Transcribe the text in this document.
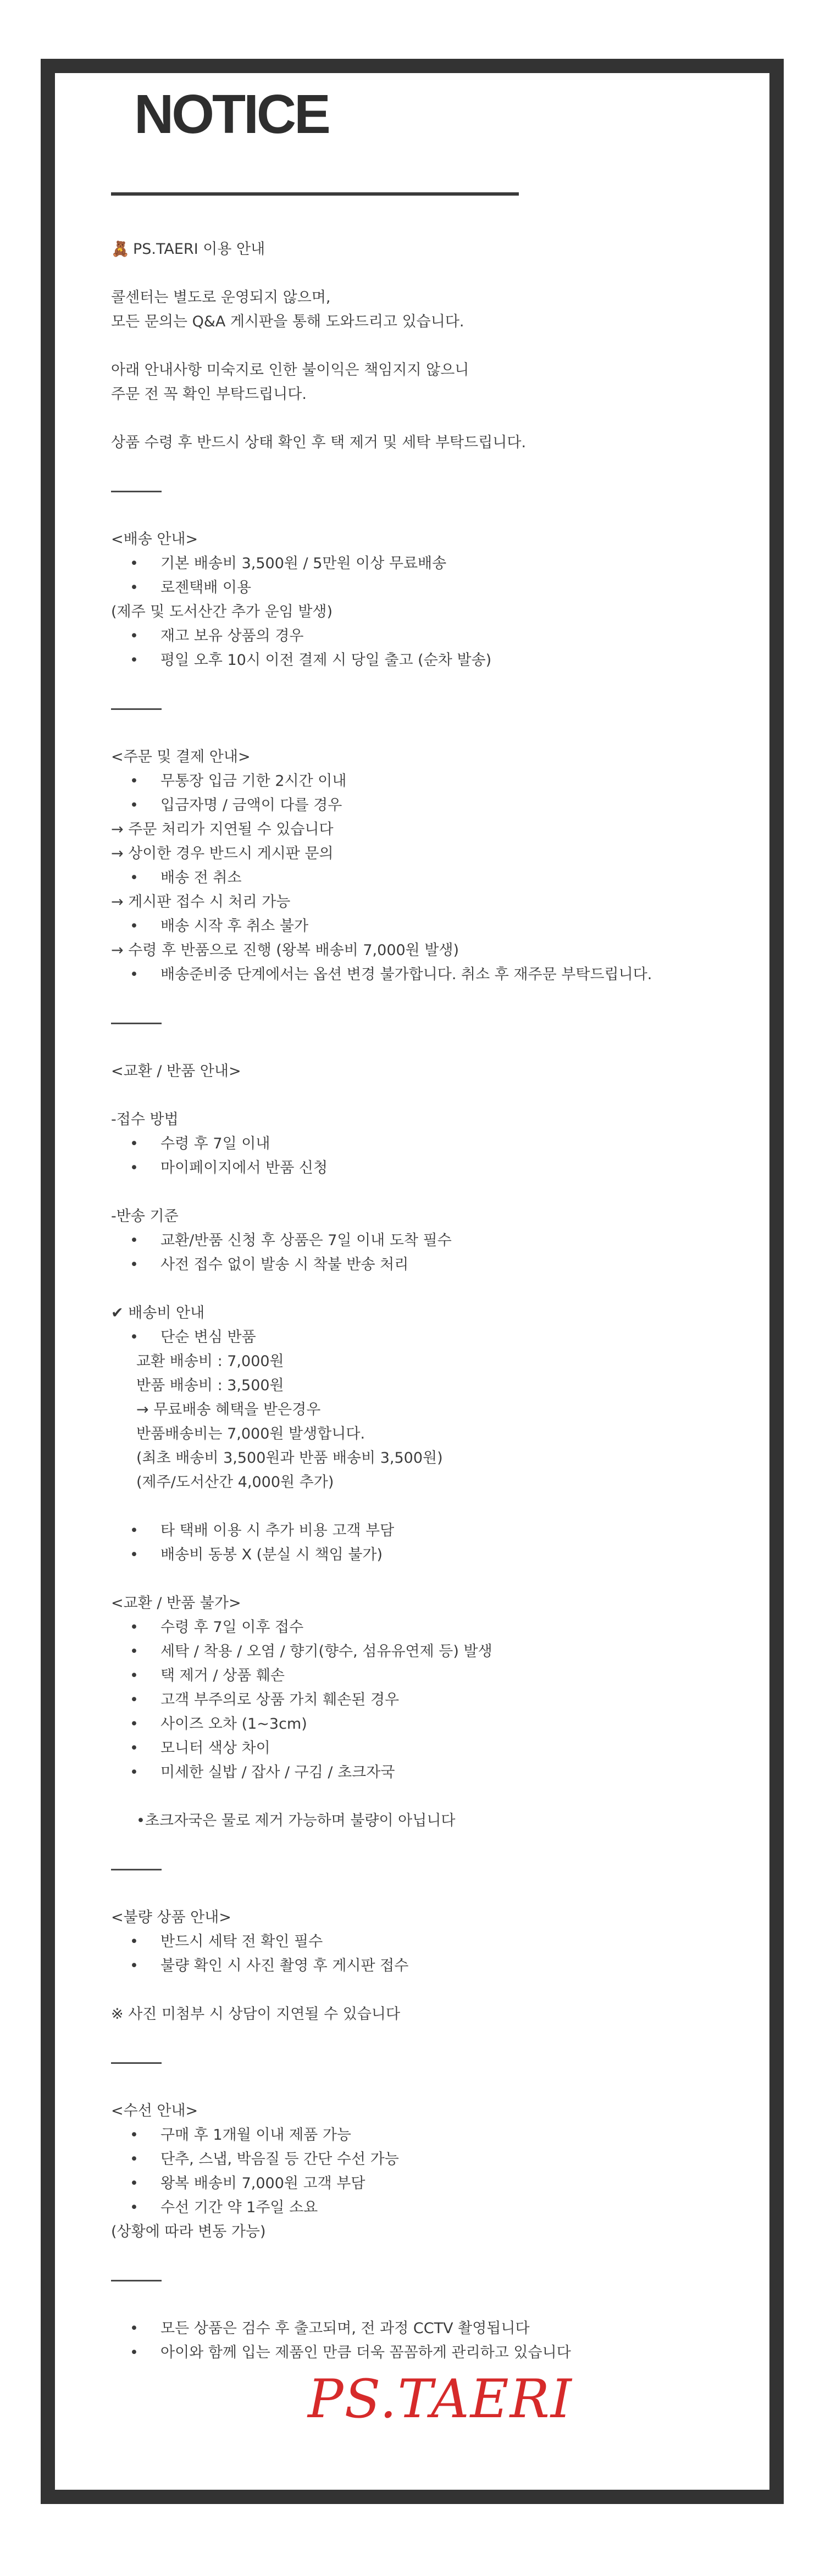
NOTICE
🧸 PS.TAERI 이용 안내
콜센터는 별도로 운영되지 않으며,
모든 문의는 Q&A 게시판을 통해 도와드리고 있습니다.
아래 안내사항 미숙지로 인한 불이익은 책임지지 않으니
주문 전 꼭 확인 부탁드립니다.
상품 수령 후 반드시 상태 확인 후 택 제거 및 세탁 부탁드립니다.
<배송 안내>
• 기본 배송비 3,500원 / 5만원 이상 무료배송
• 로젠택배 이용
(제주 및 도서산간 추가 운임 발생)
• 재고 보유 상품의 경우
• 평일 오후 10시 이전 결제 시 당일 출고 (순차 발송)
<주문 및 결제 안내>
• 무통장 입금 기한 2시간 이내
• 입금자명 / 금액이 다를 경우
→ 주문 처리가 지연될 수 있습니다
→ 상이한 경우 반드시 게시판 문의
• 배송 전 취소
→ 게시판 접수 시 처리 가능
• 배송 시작 후 취소 불가
→ 수령 후 반품으로 진행 (왕복 배송비 7,000원 발생)
• 배송준비중 단계에서는 옵션 변경 불가합니다. 취소 후 재주문 부탁드립니다.
<교환 / 반품 안내>
-접수 방법
• 수령 후 7일 이내
• 마이페이지에서 반품 신청
-반송 기준
• 교환/반품 신청 후 상품은 7일 이내 도착 필수
• 사전 접수 없이 발송 시 착불 반송 처리
✔ 배송비 안내
• 단순 변심 반품
교환 배송비 : 7,000원
반품 배송비 : 3,500원
→ 무료배송 혜택을 받은경우
반품배송비는 7,000원 발생합니다.
(최초 배송비 3,500원과 반품 배송비 3,500원)
(제주/도서산간 4,000원 추가)
• 타 택배 이용 시 추가 비용 고객 부담
• 배송비 동봉 X (분실 시 책임 불가)
<교환 / 반품 불가>
• 수령 후 7일 이후 접수
• 세탁 / 착용 / 오염 / 향기(향수, 섬유유연제 등) 발생
• 택 제거 / 상품 훼손
• 고객 부주의로 상품 가치 훼손된 경우
• 사이즈 오차 (1~3cm)
• 모니터 색상 차이
• 미세한 실밥 / 잡사 / 구김 / 초크자국
•초크자국은 물로 제거 가능하며 불량이 아닙니다
<불량 상품 안내>
• 반드시 세탁 전 확인 필수
• 불량 확인 시 사진 촬영 후 게시판 접수
※ 사진 미첨부 시 상담이 지연될 수 있습니다
<수선 안내>
• 구매 후 1개월 이내 제품 가능
• 단추, 스냅, 박음질 등 간단 수선 가능
• 왕복 배송비 7,000원 고객 부담
• 수선 기간 약 1주일 소요
(상황에 따라 변동 가능)
• 모든 상품은 검수 후 출고되며, 전 과정 CCTV 촬영됩니다
• 아이와 함께 입는 제품인 만큼 더욱 꼼꼼하게 관리하고 있습니다
PS.TAERI
